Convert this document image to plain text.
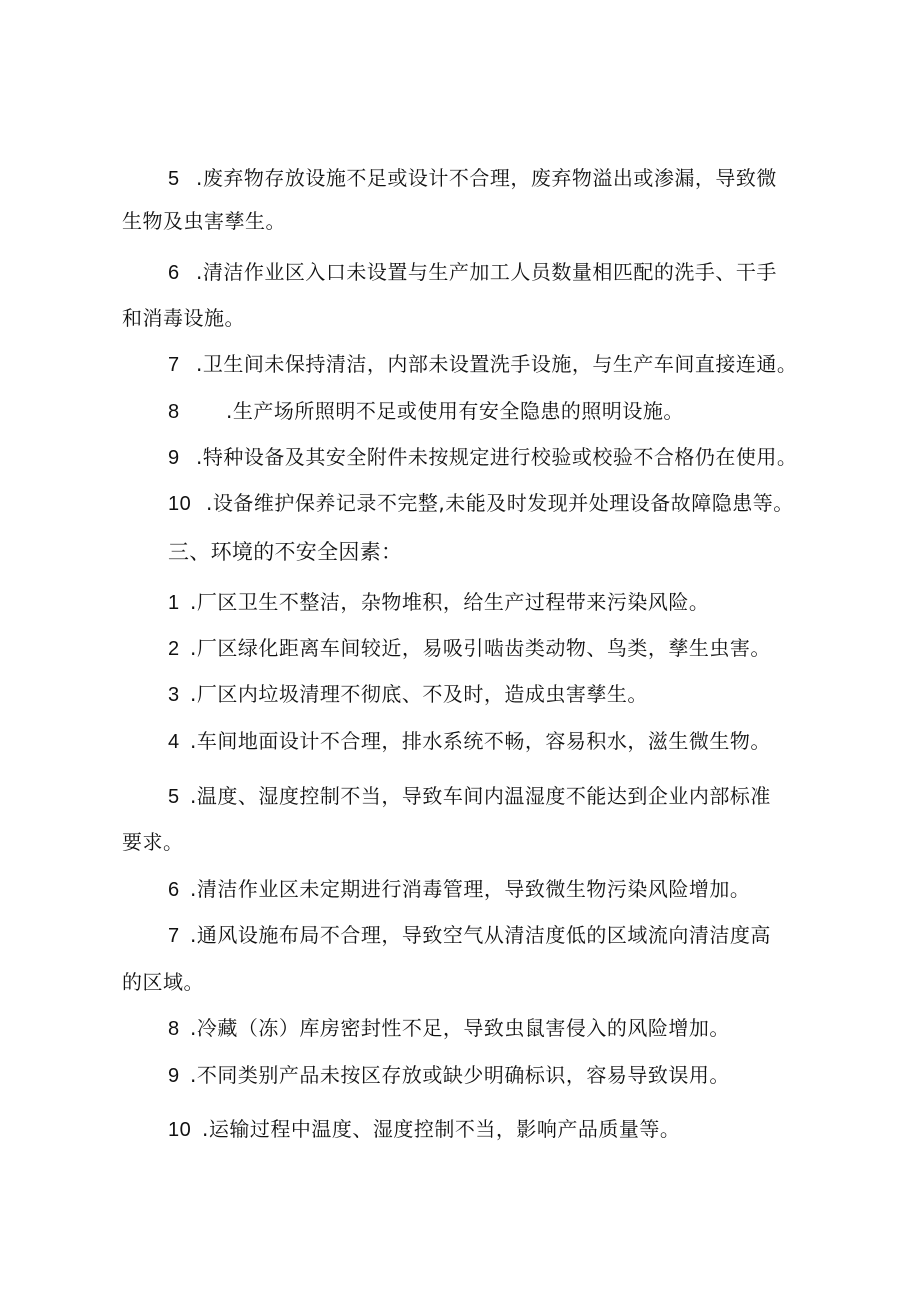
5 .废弃物存放设施不足或设计不合理，废弃物溢出或渗漏，导致微
生物及虫害孳生。
6 .清洁作业区入口未设置与生产加工人员数量相匹配的洗手、干手
和消毒设施。
7 .卫生间未保持清洁，内部未设置洗手设施，与生产车间直接连通。
8 .生产场所照明不足或使用有安全隐患的照明设施。
9 .特种设备及其安全附件未按规定进行校验或校验不合格仍在使用。
10 .设备维护保养记录不完整,未能及时发现并处理设备故障隐患等。
三、环境的不安全因素：
1 .厂区卫生不整洁，杂物堆积，给生产过程带来污染风险。
2 .厂区绿化距离车间较近，易吸引啮齿类动物、鸟类，孳生虫害。
3 .厂区内垃圾清理不彻底、不及时，造成虫害孳生。
4 .车间地面设计不合理，排水系统不畅，容易积水，滋生微生物。
5 .温度、湿度控制不当，导致车间内温湿度不能达到企业内部标准
要求。
6 .清洁作业区未定期进行消毒管理，导致微生物污染风险增加。
7 .通风设施布局不合理，导致空气从清洁度低的区域流向清洁度高
的区域。
8 .冷藏（冻）库房密封性不足，导致虫鼠害侵入的风险增加。
9 .不同类别产品未按区存放或缺少明确标识，容易导致误用。
10 .运输过程中温度、湿度控制不当，影响产品质量等。
